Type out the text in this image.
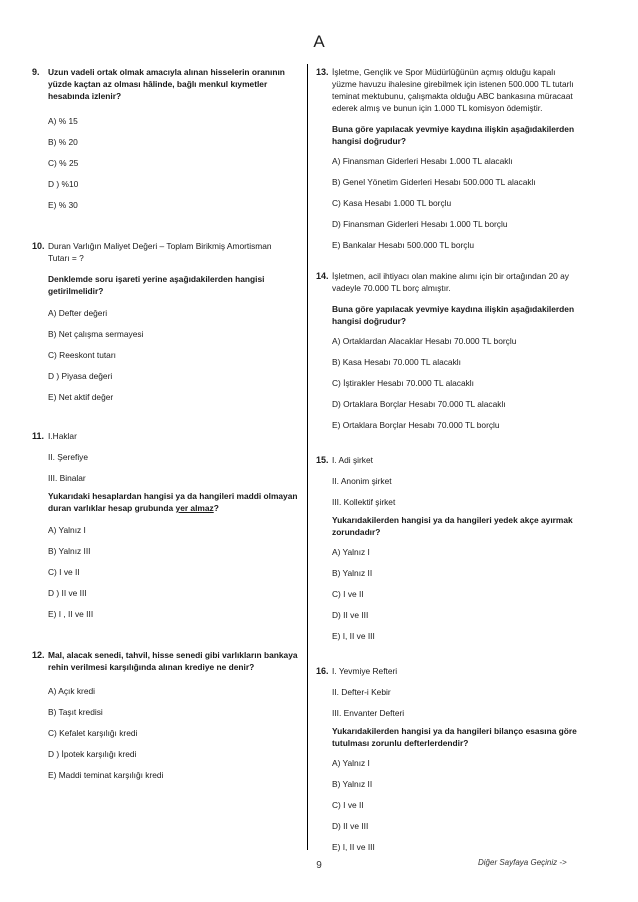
A
9. Uzun vadeli ortak olmak amacıyla alınan hisselerin oranının
yüzde kaçtan az olması hâlinde, bağlı menkul kıymetler
hesabında izlenir?
A) % 15
B) % 20
C) % 25
D ) %10
E) % 30
10. Duran Varlığın Maliyet Değeri – Toplam Birikmiş Amortisman
Tutarı = ?
Denklemde soru işareti yerine aşağıdakilerden hangisi
getirilmelidir?
A) Defter değeri
B) Net çalışma sermayesi
C) Reeskont tutarı
D ) Piyasa değeri
E) Net aktif değer
11. I.Haklar
II. Şerefiye
III. Binalar
Yukarıdaki hesaplardan hangisi ya da hangileri maddi olmayan
duran varlıklar hesap grubunda yer almaz?
A) Yalnız I
B) Yalnız III
C) I ve II
D ) II ve III
E) I , II ve III
12. Mal, alacak senedi, tahvil, hisse senedi gibi varlıkların bankaya
rehin verilmesi karşılığında alınan krediye ne denir?
A) Açık kredi
B) Taşıt kredisi
C) Kefalet karşılığı kredi
D ) İpotek karşılığı kredi
E) Maddi teminat karşılığı kredi
13. İşletme, Gençlik ve Spor Müdürlüğünün açmış olduğu kapalı
yüzme havuzu ihalesine girebilmek için istenen 500.000 TL tutarlı
teminat mektubunu, çalışmakta olduğu ABC bankasına müracaat
ederek almış ve bunun için 1.000 TL komisyon ödemiştir.
Buna göre yapılacak yevmiye kaydına ilişkin aşağıdakilerden
hangisi doğrudur?
A) Finansman Giderleri Hesabı 1.000 TL alacaklı
B) Genel Yönetim Giderleri Hesabı 500.000 TL alacaklı
C) Kasa Hesabı 1.000 TL borçlu
D) Finansman Giderleri Hesabı 1.000 TL borçlu
E) Bankalar Hesabı 500.000 TL borçlu
14. İşletmen, acil ihtiyacı olan makine alımı için bir ortağından 20 ay
vadeyle 70.000 TL borç almıştır.
Buna göre yapılacak yevmiye kaydına ilişkin aşağıdakilerden
hangisi doğrudur?
A) Ortaklardan Alacaklar Hesabı 70.000 TL borçlu
B) Kasa Hesabı 70.000 TL alacaklı
C) İştirakler Hesabı 70.000 TL alacaklı
D) Ortaklara Borçlar Hesabı 70.000 TL alacaklı
E) Ortaklara Borçlar Hesabı 70.000 TL borçlu
15. I. Adi şirket
II. Anonim şirket
III. Kollektif şirket
Yukarıdakilerden hangisi ya da hangileri yedek akçe ayırmak
zorundadır?
A) Yalnız I
B) Yalnız II
C) I ve II
D) II ve III
E) I, II ve III
16. I. Yevmiye Refteri
II. Defter-i Kebir
III. Envanter Defteri
Yukarıdakilerden hangisi ya da hangileri bilanço esasına göre
tutulması zorunlu defterlerdendir?
A) Yalnız I
B) Yalnız II
C) I ve II
D) II ve III
E) I, II ve III
9	Diğer Sayfaya Geçiniz ->
